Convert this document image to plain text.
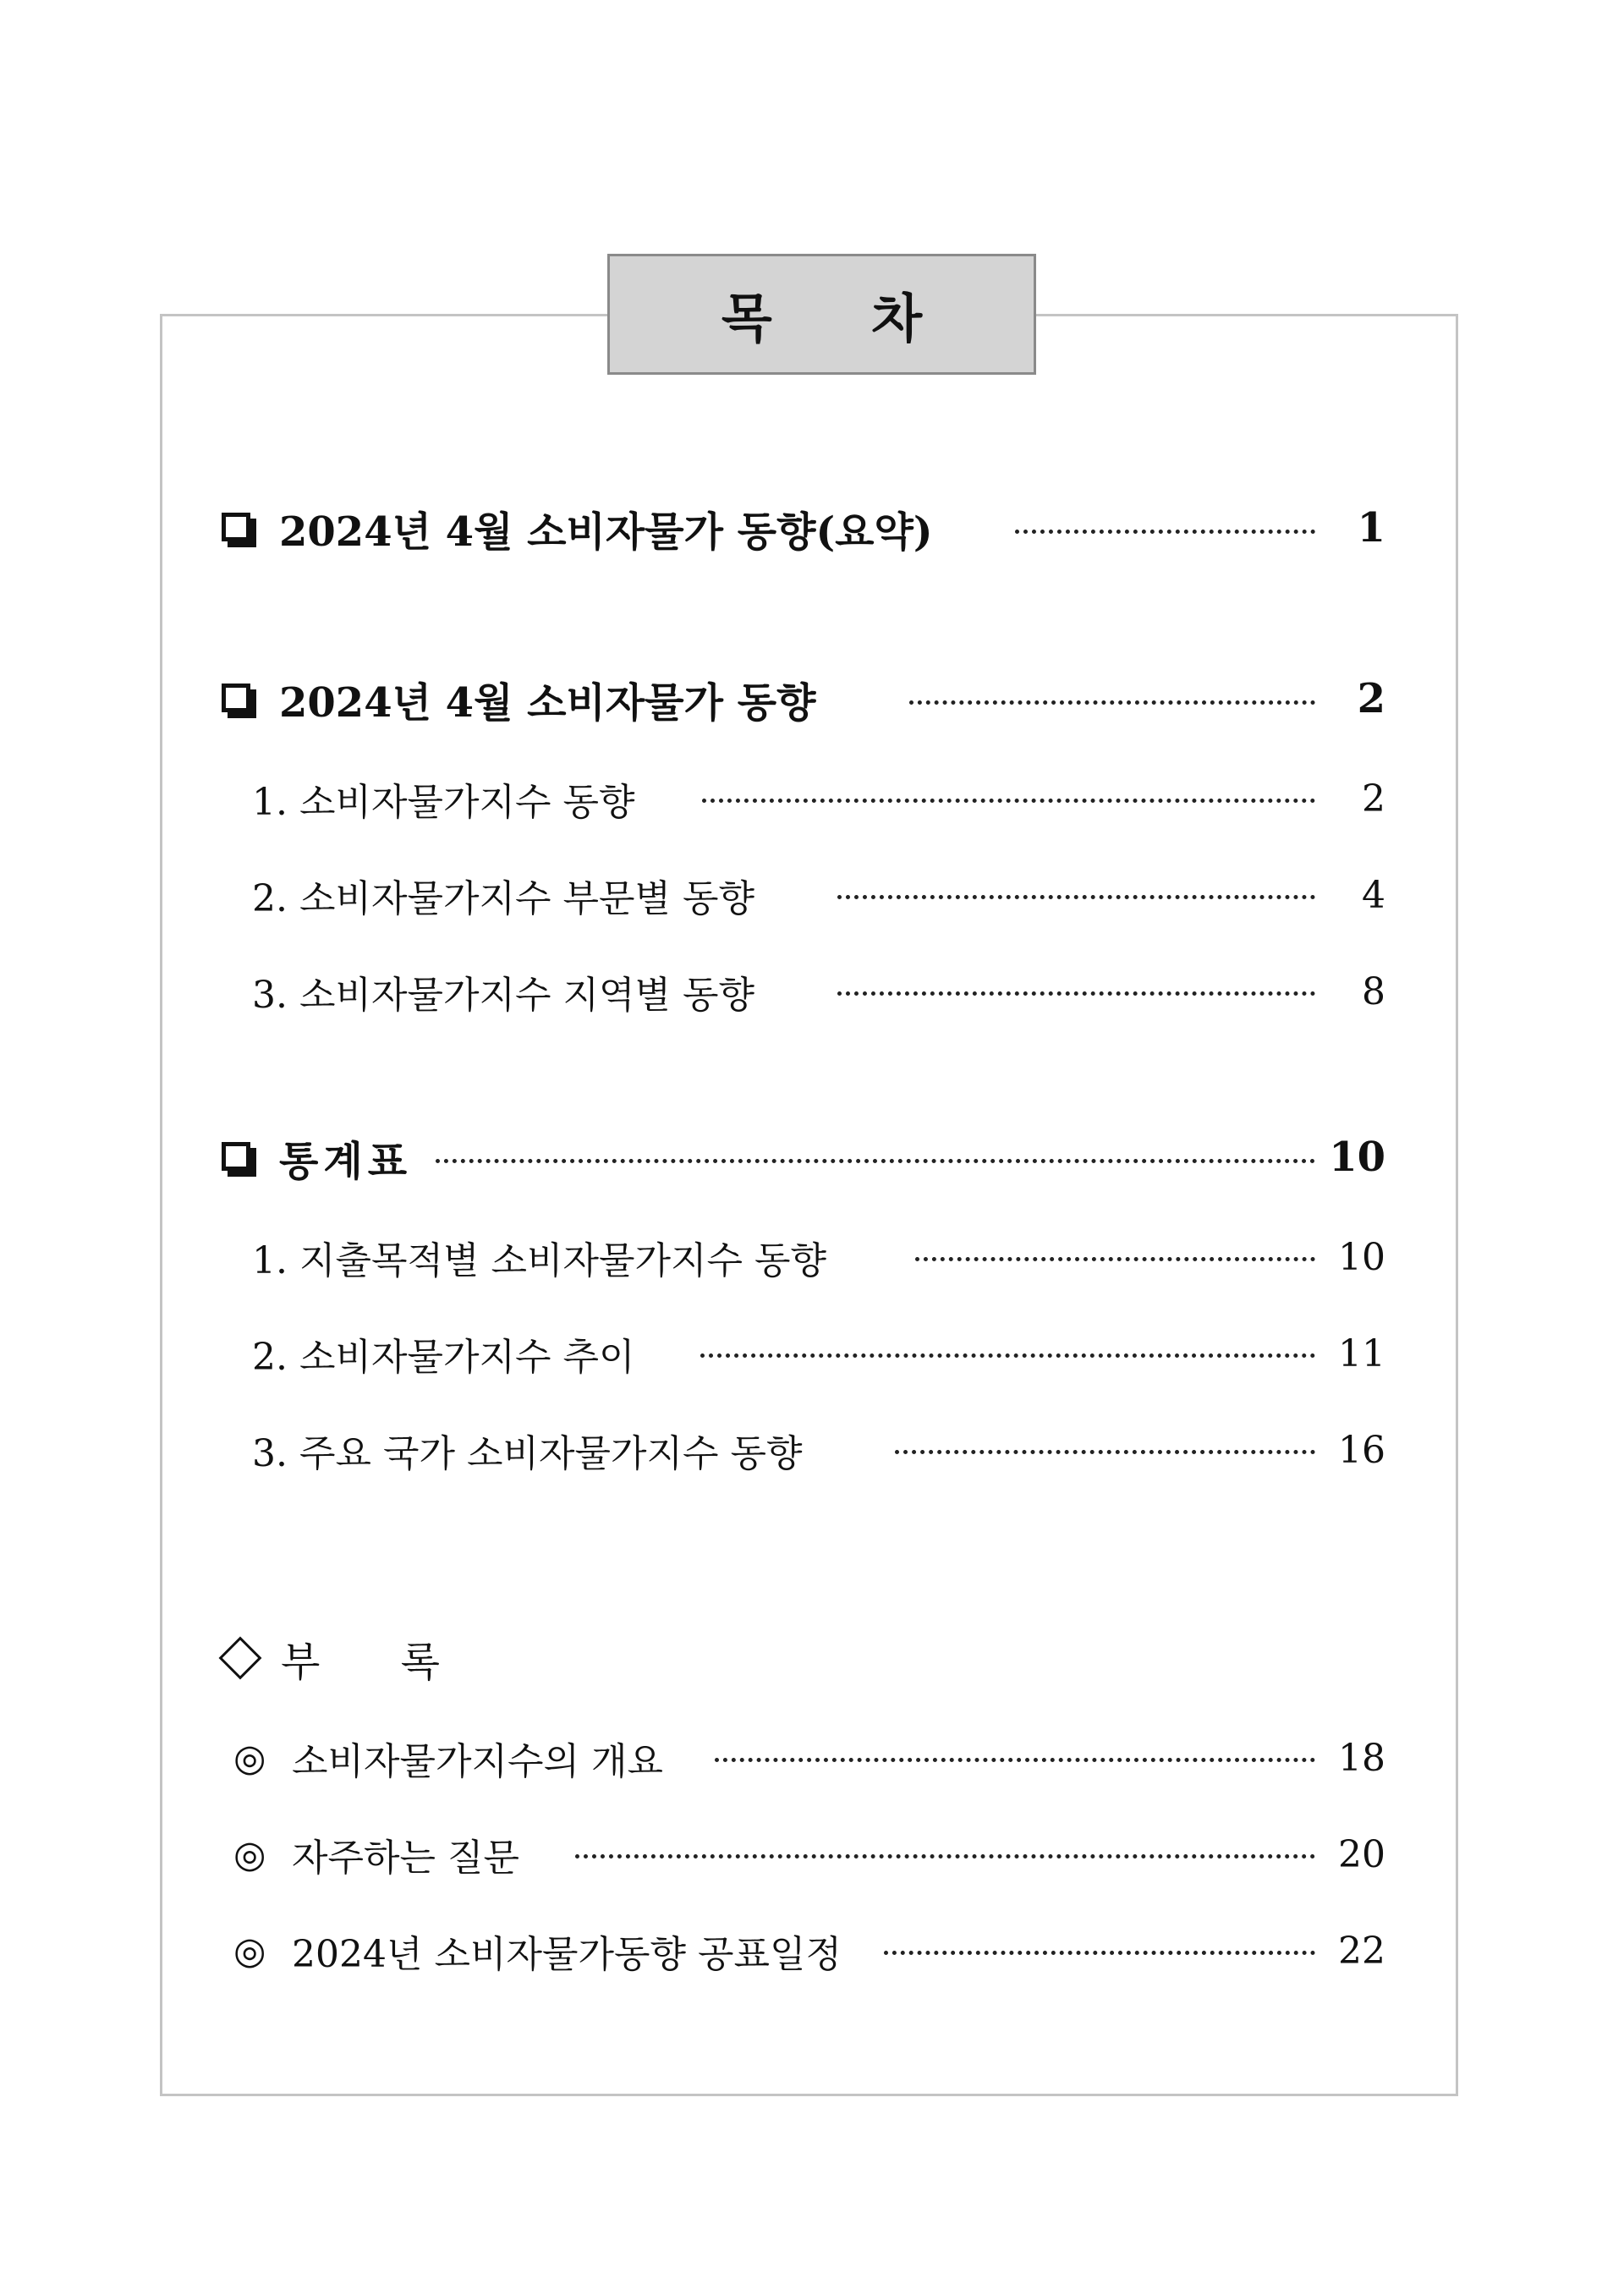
목 차
2024년 4월 소비자물가 동향(요약)	1
2024년 4월 소비자물가 동향	2
1. 소비자물가지수 동향	2
2. 소비자물가지수 부문별 동향	4
3. 소비자물가지수 지역별 동향	8
통계표	10
1. 지출목적별 소비자물가지수 동향	10
2. 소비자물가지수 추이	11
3. 주요 국가 소비자물가지수 동향	16
부 록
◎ 소비자물가지수의 개요	18
◎ 자주하는 질문	20
◎ 2024년 소비자물가동향 공표일정	22
